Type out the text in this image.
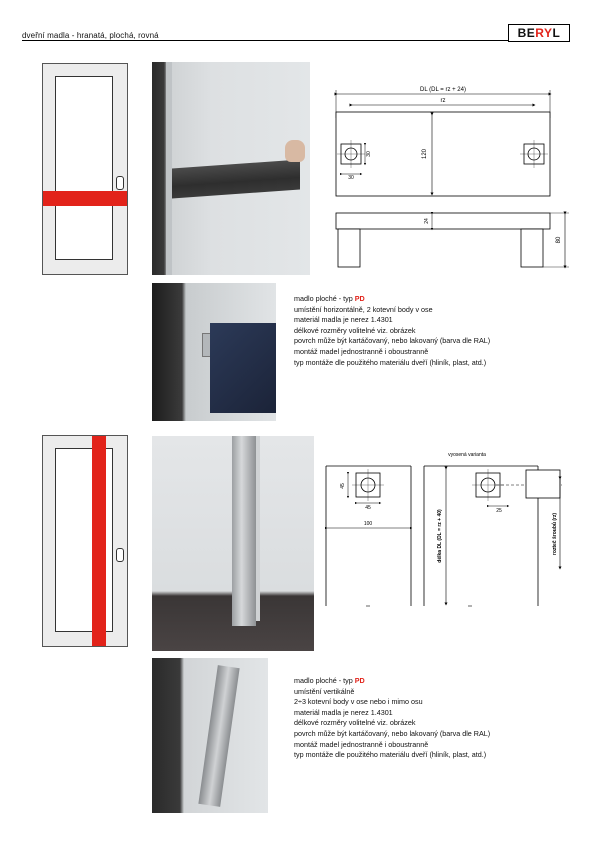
dveřní madla - hranatá, plochá, rovná	BE RY L
DL (DL = rz + 24)
rz
120
30
30
24
80
madlo ploché - typ PD
umístění horizontálně, 2 kotevní body v ose
materiál madla je nerez 1.4301
délkové rozměry volitelné viz. obrázek
povrch může být kartáčovaný, nebo lakovaný (barva dle RAL)
montáž madel jednostranně i oboustranně
typ montáže dle použitého materiálu dveří (hliník, plast, atd.)
vyosená varianta
45
45
100
25
délka DL (DL = rz + 40)	rozteč šroubů (rz)
madlo ploché - typ PD
umístění vertikálně
2÷3 kotevní body v ose nebo i mimo osu
materiál madla je nerez 1.4301
délkové rozměry volitelné viz. obrázek
povrch může být kartáčovaný, nebo lakovaný (barva dle RAL)
montáž madel jednostranně i oboustranně
typ montáže dle použitého materiálu dveří (hliník, plast, atd.)
